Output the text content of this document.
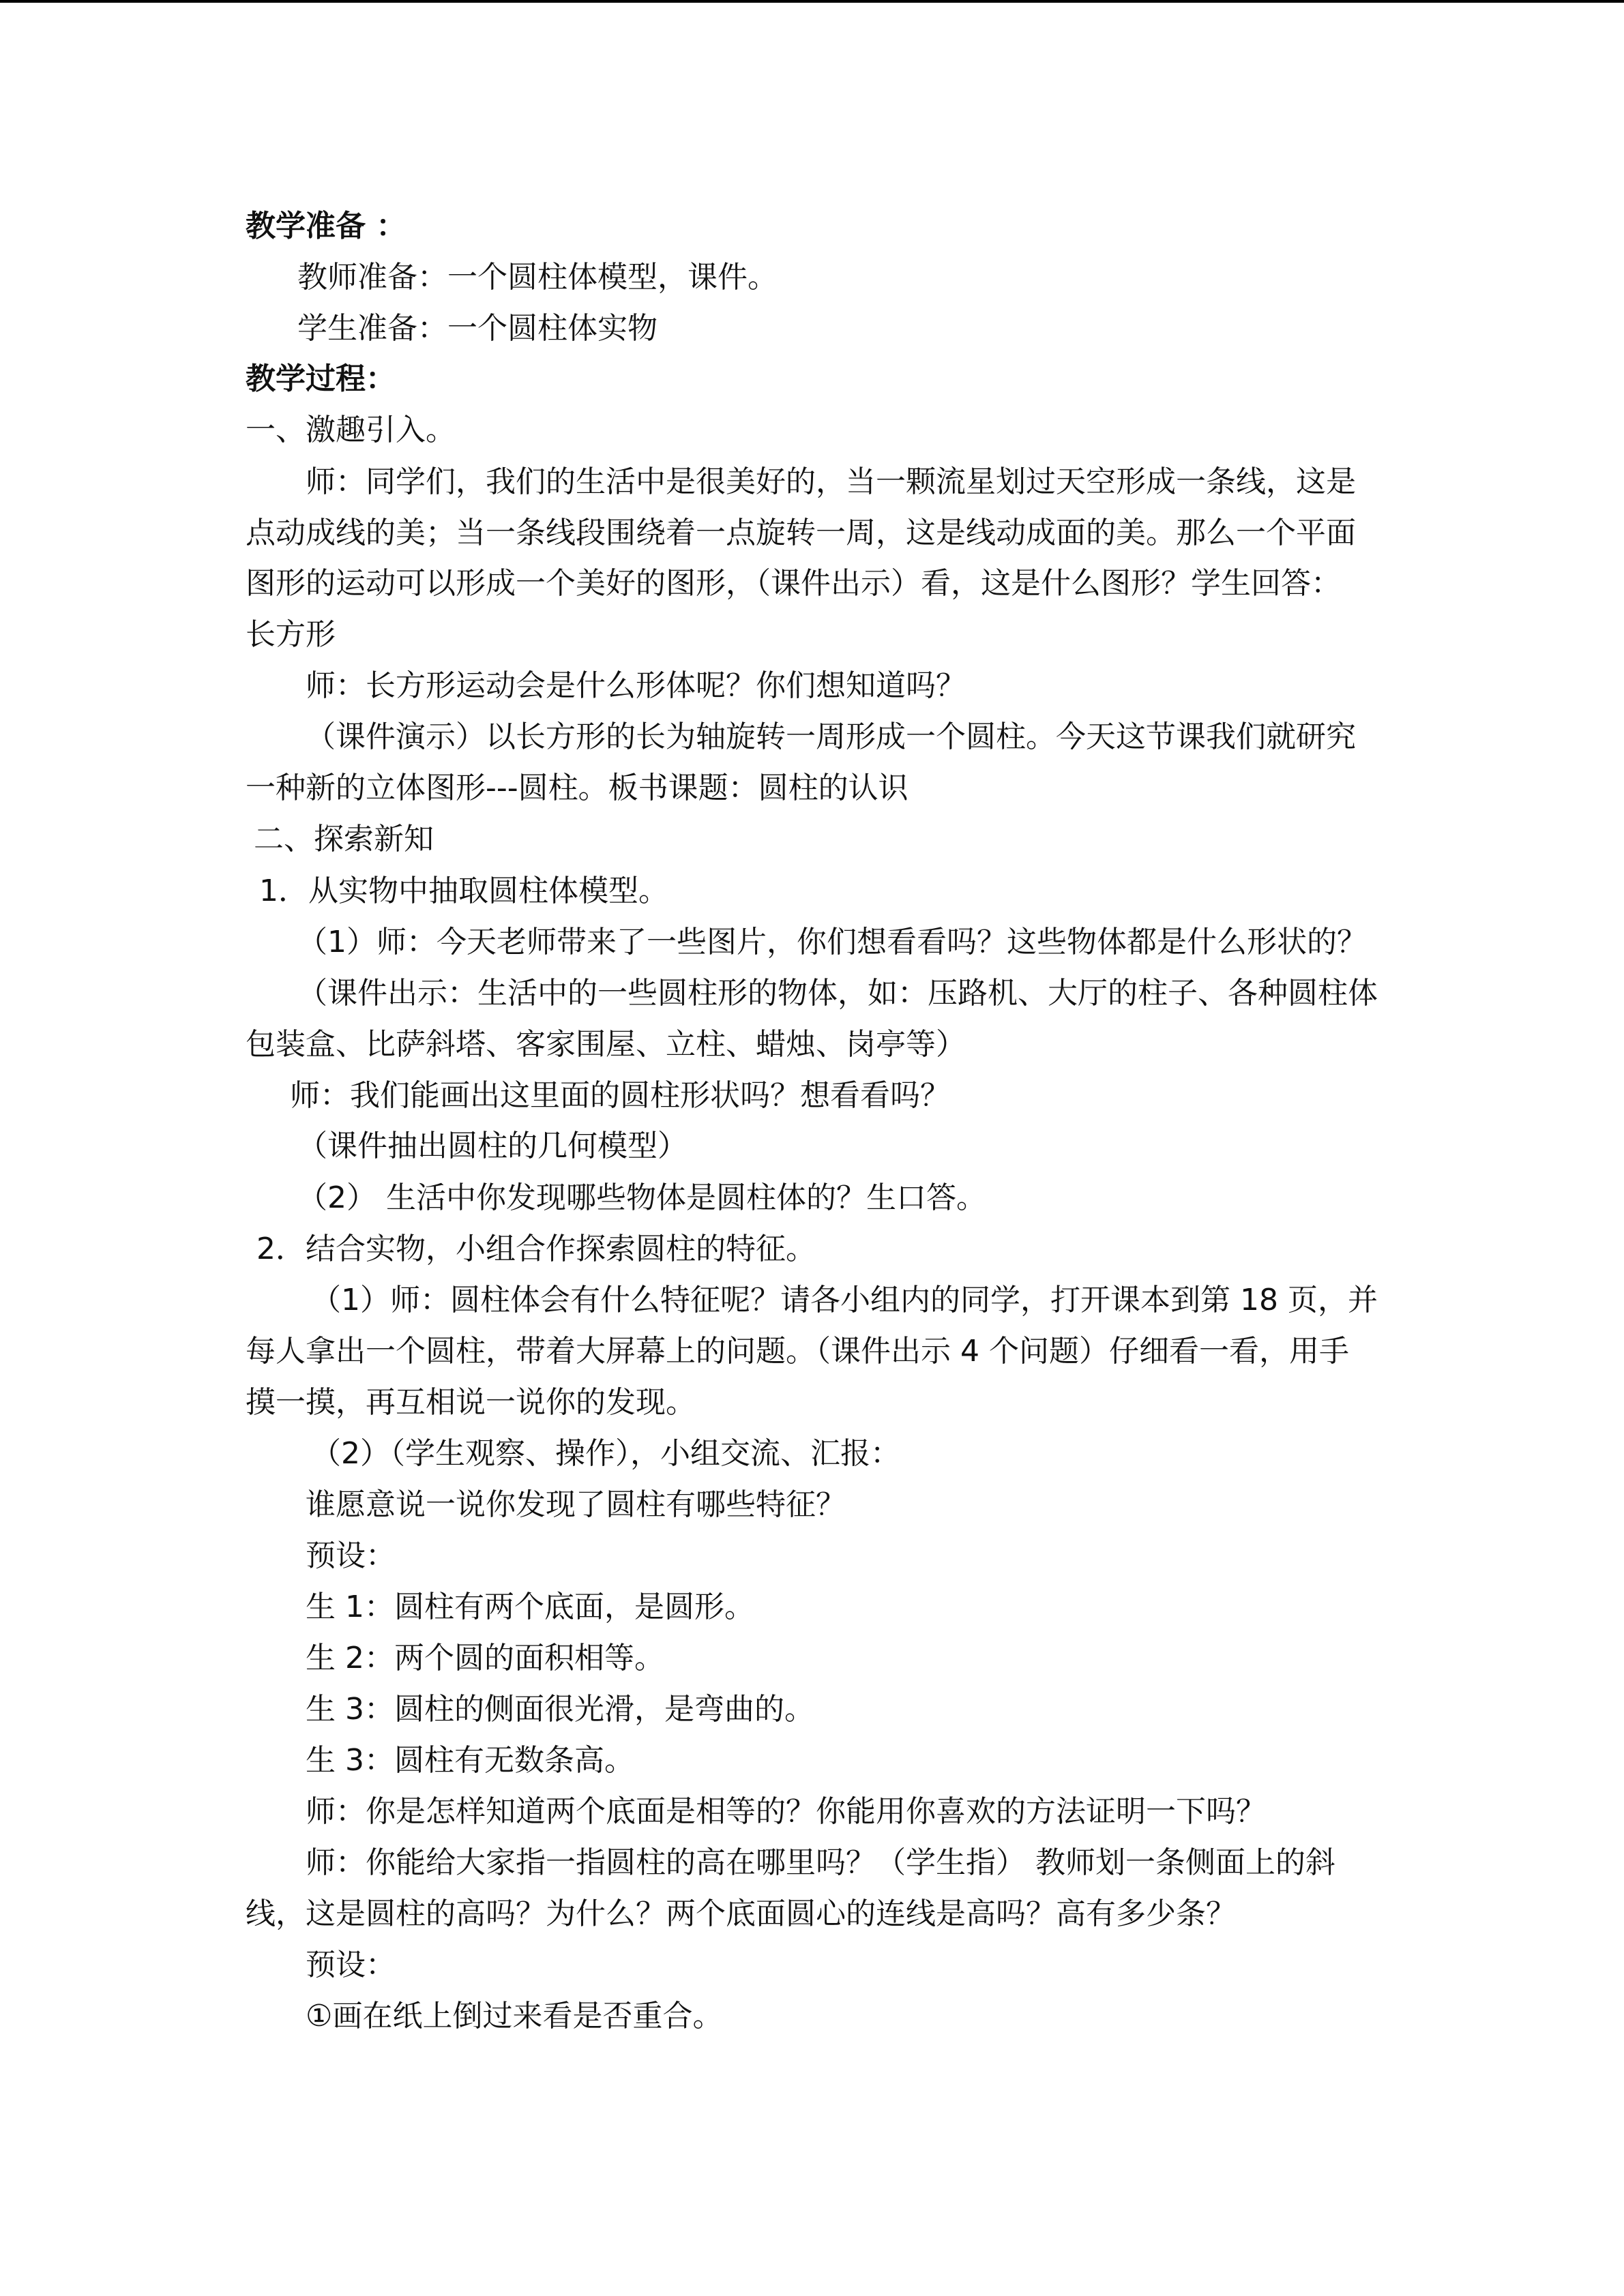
教学准备 ：
教师准备：一个圆柱体模型，课件。
学生准备：一个圆柱体实物
教学过程：
一、激趣引入。
师：同学们，我们的生活中是很美好的，当一颗流星划过天空形成一条线，这是
点动成线的美；当一条线段围绕着一点旋转一周，这是线动成面的美。那么一个平面
图形的运动可以形成一个美好的图形，（课件出示）看，这是什么图形？学生回答：
长方形
师：长方形运动会是什么形体呢？你们想知道吗？
（课件演示）以长方形的长为轴旋转一周形成一个圆柱。今天这节课我们就研究
一种新的立体图形---圆柱。板书课题：圆柱的认识
二、探索新知
1．从实物中抽取圆柱体模型。
（1）师：今天老师带来了一些图片，你们想看看吗？这些物体都是什么形状的？
（课件出示：生活中的一些圆柱形的物体，如：压路机、大厅的柱子、各种圆柱体
包装盒、比萨斜塔、客家围屋、立柱、蜡烛、岗亭等）
师：我们能画出这里面的圆柱形状吗？想看看吗？
（课件抽出圆柱的几何模型）
（2） 生活中你发现哪些物体是圆柱体的？生口答。
2．结合实物，小组合作探索圆柱的特征。
（1）师：圆柱体会有什么特征呢？请各小组内的同学，打开课本到第 18 页，并
每人拿出一个圆柱，带着大屏幕上的问题。（课件出示 4 个问题）仔细看一看，用手
摸一摸，再互相说一说你的发现。
（2）（学生观察、操作），小组交流、汇报：
谁愿意说一说你发现了圆柱有哪些特征？
预设：
生 1：圆柱有两个底面，是圆形。
生 2：两个圆的面积相等。
生 3：圆柱的侧面很光滑，是弯曲的。
生 3：圆柱有无数条高。
师：你是怎样知道两个底面是相等的？你能用你喜欢的方法证明一下吗？
师：你能给大家指一指圆柱的高在哪里吗？（学生指） 教师划一条侧面上的斜
线，这是圆柱的高吗？为什么？两个底面圆心的连线是高吗？高有多少条？
预设：
①画在纸上倒过来看是否重合。
